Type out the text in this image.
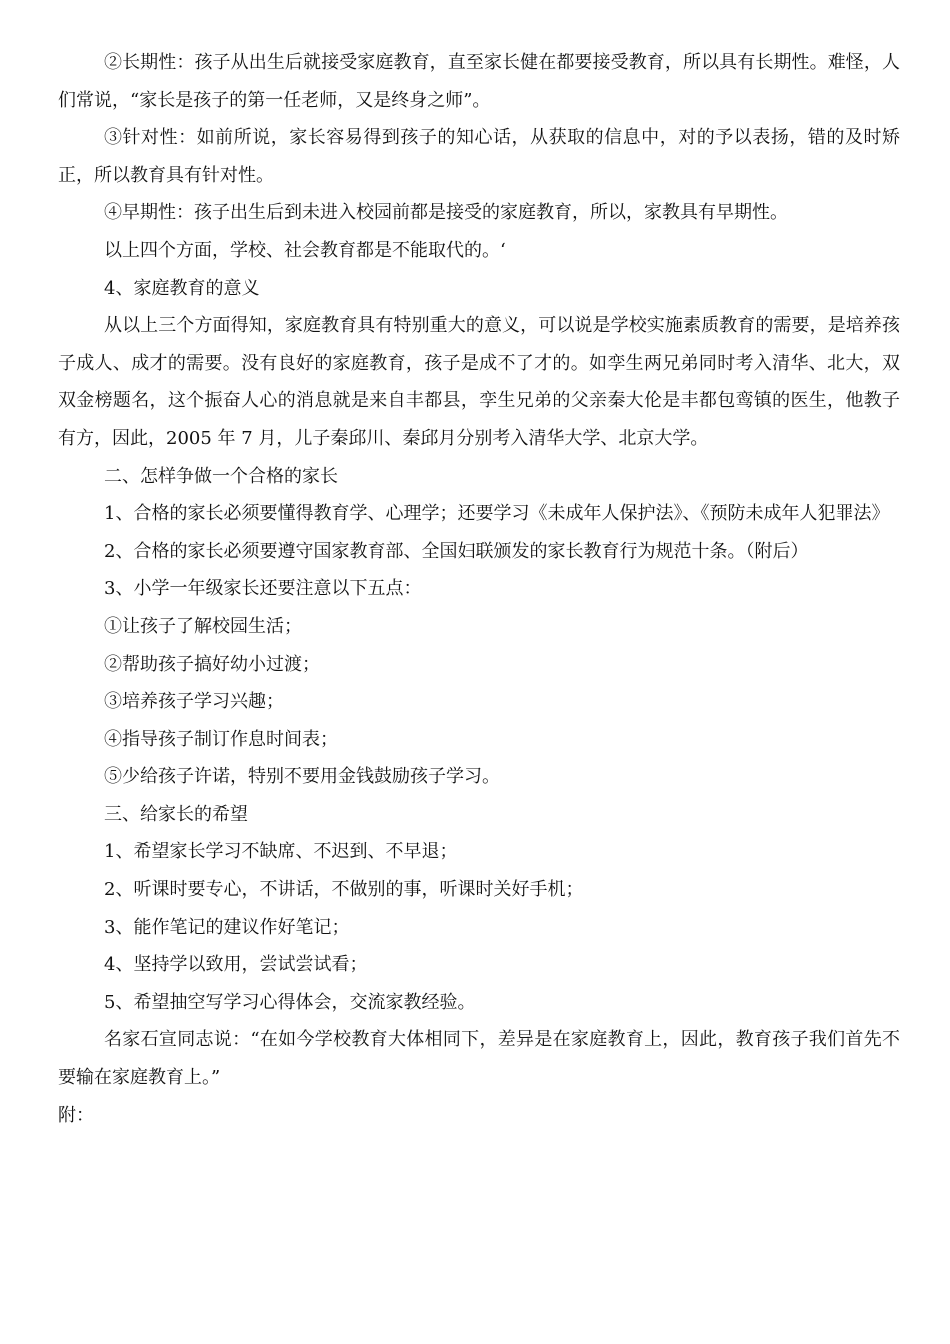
②长期性：孩子从出生后就接受家庭教育，直至家长健在都要接受教育，所以具有长期性。难怪，人们常说，“家长是孩子的第一任老师，又是终身之师”。

③针对性：如前所说，家长容易得到孩子的知心话，从获取的信息中，对的予以表扬，错的及时矫正，所以教育具有针对性。

④早期性：孩子出生后到未进入校园前都是接受的家庭教育，所以，家教具有早期性。

以上四个方面，学校、社会教育都是不能取代的。‘

4、家庭教育的意义

从以上三个方面得知，家庭教育具有特别重大的意义，可以说是学校实施素质教育的需要，是培养孩子成人、成才的需要。没有良好的家庭教育，孩子是成不了才的。如孪生两兄弟同时考入清华、北大，双双金榜题名，这个振奋人心的消息就是来自丰都县，孪生兄弟的父亲秦大伦是丰都包鸾镇的医生，他教子有方，因此，2005 年 7 月，儿子秦邱川、秦邱月分别考入清华大学、北京大学。

二、怎样争做一个合格的家长

1、合格的家长必须要懂得教育学、心理学；还要学习《未成年人保护法》、《预防未成年人犯罪法》

2、合格的家长必须要遵守国家教育部、全国妇联颁发的家长教育行为规范十条。（附后）

3、小学一年级家长还要注意以下五点：

①让孩子了解校园生活；

②帮助孩子搞好幼小过渡；

③培养孩子学习兴趣；

④指导孩子制订作息时间表；

⑤少给孩子许诺，特别不要用金钱鼓励孩子学习。

三、给家长的希望

1、希望家长学习不缺席、不迟到、不早退；

2、听课时要专心，不讲话，不做别的事，听课时关好手机；

3、能作笔记的建议作好笔记；

4、坚持学以致用，尝试尝试看；

5、希望抽空写学习心得体会，交流家教经验。

名家石宣同志说：“在如今学校教育大体相同下，差异是在家庭教育上，因此，教育孩子我们首先不要输在家庭教育上。”

附：
